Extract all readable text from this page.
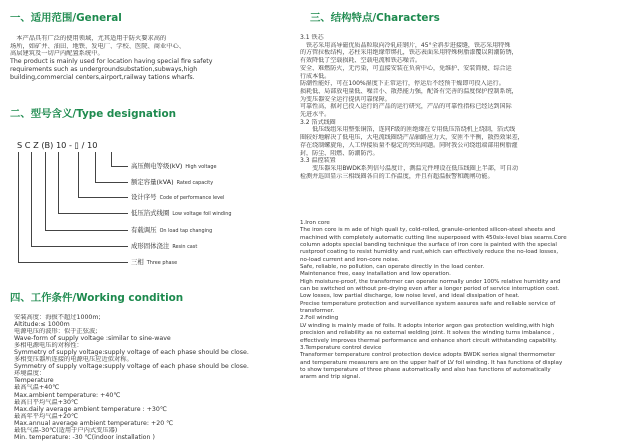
一、适用范围/General
　本产品具有广泛的使用领域，尤其适用于防火要求高的
场所，如矿井、油田、地铁、发电厂、学校、医院、商业中心、
高层建筑及一切户内配置系统中。
The product is mainly used for location having special fire safety
requirements such as undergroundsubstation,subways,high
building,commercial centers,airport,railway tations wharfs.
二、型号含义/Type designation
S C Z (B) 10 - ▯ / 10
高压侧电等级(kV) High voltage
额定容量(kVA) Rated capacity
设计序号 Code of performance level
低压箔式线圈 Low voltage foil winding
有载调压 On load tap changing
成形固体浇注 Resin cast
三相 Three phase
四、工作条件/Working condition
安装高度：海拔不超过1000m;
Altitude:≤ 1000m
电源电压的波形：似于正弦波;
Wave-form of supply voltage :similar to sine-wave
多相电源电压的对称性：
Symmetry of supply voltage:supply voltage of each phase should be close.
多相变压器所连接的电源电压应近似对称。
Symmetry of supply voltage:supply voltage of each phase should be close.
环境温度：
Temperature
最高气温+40℃
Max.ambient temperature: +40℃
最高日平均气温+30℃
Max.daily average ambient temperature : +30℃
最高年平均气温+20℃
Max.annual average ambient temperature: +20 ℃
最低气温-30℃(适用于户内式变压器)
Min. temperature: -30 ℃(indoor installation )
三、结构特点/Characters
3.1 铁芯
　铁芯采用高导磁优质晶粒取向冷轧硅钢片，45°全斜步进接缝，铁芯采用特殊
的方管拉板结构，芯柱采用绝缘带绑扎，铁芯表面采用特殊树脂漆覆以阴潮防锈，
有效降低了空载损耗、空载电流和铁芯噪音。
安全、难燃防火，无污染，可直接安装在负荷中心，免维护、安装简便、综合运
行成本低。
防潮性能好，可在100%湿度下正常运行，停运后不经预干燥即可投入运行。
损耗低、局部放电量低、噪音小、散热能力强，配备有完善的温度保护控制系统，
为变压器安全运行提供可靠保障。
可靠性高，据对已投入运行的产品的运行研究，产品的可靠性指标已经达到国际
先进水平。
3.2 箔式线圈
　　低压线组采用整张铜箔，连同F级的匝绝缘在专用低压箔绕机上绕制，箔式线
圈较好地解决了低电压，大电流线圈绕产品轴路应力大，安匝不平衡，散热效果差，
存在绕制螺旋角，人工焊接质量不稳定的突出问题。同时我公司绕组端部用树脂灌
封，防尘、阻燃、防潮防污。
3.3 温控装置
　　变压器采用BWDK系列信号温度计，测温元件埋设在低压线圈上半部，可自动
检测并巡回显示三相线圈各自的工作温度，并且有超温报警和跳闸功能。
1.Iron core
The iron core is m ade of high quali ty, cold-rolled, granule-oriented silicon-steel sheets and
machined with completely automatic cutting line superposed with 450six-level bias seams.Core
column adopts special banding technique the surface of iron core is painted with the special
rustproof coating to resist humidity and rust,which can effectively reduce the no-load losses,
no-load current and iron-core noise.
Safe, reliable, no pollution, can operate directly in the load center.
Maintenance free, easy installation and low operation.
High moisture-proof, the transformer can operate normally under 100% relative humidity and
can be switched on without pre-drying even after a longer period of service interruption cost.
Low losses, low partial discharge, low noise level, and ideal dissipation of heat.
Precise temperature protection and surveillance system assures safe and reliable service of
transformer.
2.Foil winding
LV winding is mainly made of foils. It adopts interior argon gas protection welding,with high
precision and reliability as no external welding joint. It solves the winding turns imbalance ,
effectively improves thermal performance and enhance short circuit withstanding capability.
3.Temperature control device
Transformer temperature control protection device adopts BWDK series signal thermometer
and temperature measurers are on the upper half of LV foil winding. It has functions of display
to show temperature of three phase automatically and also has functions of automatically
ararm and trip signal.
